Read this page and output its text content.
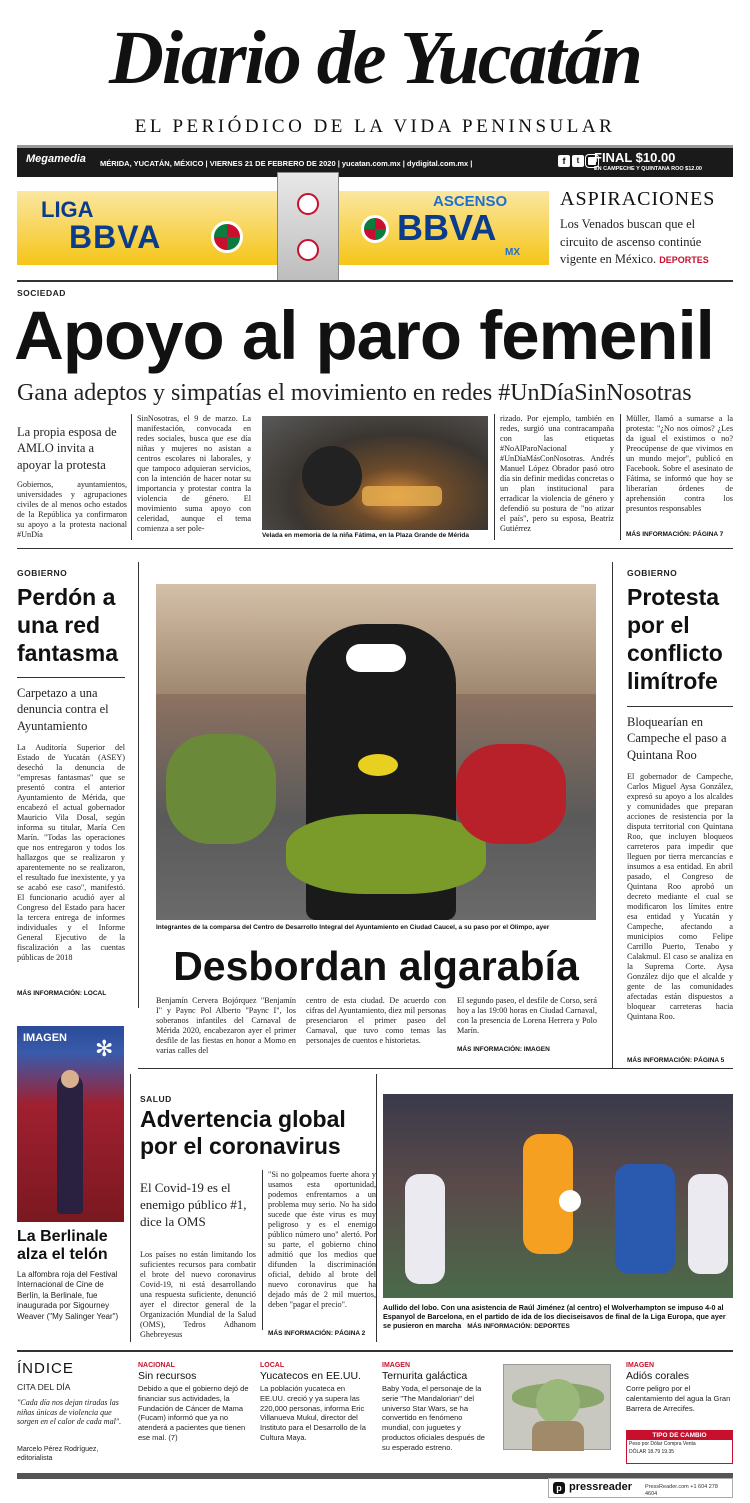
Diario de Yucatán
EL PERIÓDICO DE LA VIDA PENINSULAR
Megamedia MÉRIDA, YUCATÁN, MÉXICO | VIERNES 21 DE FEBRERO DE 2020 | yucatan.com.mx | dydigital.com.mx |	f	t	FINAL $10.00
EN CAMPECHE Y QUINTANA ROO $12.00
LIGA
BBVA
ASCENSO
BBVA
MX
ASPIRACIONES
Los Venados buscan que el circuito de ascenso continúe vigente en México. DEPORTES
SOCIEDAD
Apoyo al paro femenil
Gana adeptos y simpatías el movimiento en redes #UnDíaSinNosotras
La propia esposa de AMLO invita a apoyar la protesta
Gobiernos, ayuntamientos, universidades y agrupaciones civiles de al menos ocho estados de la República ya confirmaron su apoyo a la protesta nacional #UnDía
SinNosotras, el 9 de marzo. La manifestación, convocada en redes sociales, busca que ese día niñas y mujeres no asistan a centros escolares ni laborales, y que tampoco adquieran servicios, con la intención de hacer notar su importancia y protestar contra la violencia de género. El movimiento suma apoyo con celeridad, aunque el tema comienza a ser pole-
Velada en memoria de la niña Fátima, en la Plaza Grande de Mérida
rizado. Por ejemplo, también en redes, surgió una contracampaña con las etiquetas #NoAlParoNacional y #UnDíaMásConNosotras. Andrés Manuel López Obrador pasó otro día sin definir medidas concretas o un plan institucional para erradicar la violencia de género y defendió su postura de "no atizar el país", pero su esposa, Beatriz Gutiérrez
Müller, llamó a sumarse a la protesta: "¿No nos oímos? ¿Les da igual el existimos o no? Preocúpense de que vivimos en un mundo mejor", publicó en Facebook. Sobre el asesinato de Fátima, se informó que hoy se liberarían órdenes de aprehensión contra los presuntos responsables
MÁS INFORMACIÓN: PÁGINA 7
GOBIERNO
Perdón a una red fantasma
Carpetazo a una denuncia contra el Ayuntamiento
La Auditoría Superior del Estado de Yucatán (ASEY) desechó la denuncia de "empresas fantasmas" que se presentó contra el anterior Ayuntamiento de Mérida, que encabezó el actual gobernador Mauricio Vila Dosal, según informa su titular, María Cen Marín. "Todas las operaciones que nos entregaron y todos los hallazgos que se realizaron y aparentemente no se realizaron, el resultado fue inexistente, y ya se acabó ese caso", manifestó. El funcionario acudió ayer al Congreso del Estado para hacer la tercera entrega de informes individuales y el Informe General Ejecutivo de la fiscalización a las cuentas públicas de 2018
MÁS INFORMACIÓN: LOCAL
Integrantes de la comparsa del Centro de Desarrollo Integral del Ayuntamiento en Ciudad Caucel, a su paso por el Olimpo, ayer
Desbordan algarabía
Benjamín Cervera Bojórquez "Benjamín I" y Paync Pol Alberto "Paync I", los soberanos infantiles del Carnaval de Mérida 2020, encabezaron ayer el primer desfile de las fiestas en honor a Momo en varias calles del
centro de esta ciudad. De acuerdo con cifras del Ayuntamiento, diez mil personas presenciaron el primer paseo del Carnaval, que tuvo como temas las personajes de cuentos e historietas.
El segundo paseo, el desfile de Corso, será hoy a las 19:00 horas en Ciudad Carnaval, con la presencia de Lorena Herrera y Polo Marín.
MÁS INFORMACIÓN: IMAGEN
GOBIERNO
Protesta por el conflicto limítrofe
Bloquearían en Campeche el paso a Quintana Roo
El gobernador de Campeche, Carlos Miguel Aysa González, expresó su apoyo a los alcaldes y comunidades que preparan acciones de resistencia por la disputa territorial con Quintana Roo, que incluyen bloqueos carreteros para impedir que lleguen por tierra mercancías e insumos a esa entidad. En abril pasado, el Congreso de Quintana Roo aprobó un decreto mediante el cual se modificaron los límites entre esa entidad y Yucatán y Campeche, afectando a municipios como Felipe Carrillo Puerto, Tenabo y Calakmul. El caso se analiza en la Suprema Corte. Aysa González dijo que el alcalde y gente de las comunidades afectadas están dispuestos a bloquear carreteras hacia Quintana Roo.
MÁS INFORMACIÓN: PÁGINA 5
IMAGEN ✻
La Berlinale alza el telón
La alfombra roja del Festival Internacional de Cine de Berlín, la Berlinale, fue inaugurada por Sigourney Weaver ("My Salinger Year")
SALUD
Advertencia global por el coronavirus
El Covid-19 es el enemigo público #1, dice la OMS
Los países no están limitando los suficientes recursos para combatir el brote del nuevo coronavirus Covid-19, ni está desarrollando una respuesta suficiente, denunció ayer el director general de la Organización Mundial de la Salud (OMS), Tedros Adhanom Ghebreyesus
"Si no golpeamos fuerte ahora y usamos esta oportunidad, podemos enfrentarnos a un problema muy serio. No ha sido sucede que éste virus es muy peligroso y es el enemigo público número uno" alertó. Por su parte, el gobierno chino admitió que los medios que difunden la discriminación oficial, debido al brote del nuevo coronavirus que ha dejado más de 2 mil muertos, deben "pagar el precio".
MÁS INFORMACIÓN: PÁGINA 2
Aullido del lobo. Con una asistencia de Raúl Jiménez (al centro) el Wolverhampton se impuso 4-0 al Espanyol de Barcelona, en el partido de ida de los dieciseisavos de final de la Liga Europa, que ayer se pusieron en marcha MÁS INFORMACIÓN: DEPORTES
ÍNDICE
CITA DEL DÍA
"Cada día nos dejan tiradas las niñas únicas de violencia que sorgen en el calor de cada mal".
Marcelo Pérez Rodríguez, editorialista
NACIONAL
Sin recursos
Debido a que el gobierno dejó de financiar sus actividades, la Fundación de Cáncer de Mama (Fucam) informó que ya no atenderá a pacientes que tienen ese mal. (7)
LOCAL
Yucatecos en EE.UU.
La población yucateca en EE.UU. creció y ya supera las 220,000 personas, informa Eric Villanueva Mukul, director del Instituto para el Desarrollo de la Cultura Maya.
IMAGEN
Ternurita galáctica
Baby Yoda, el personaje de la serie "The Mandalorian" del universo Star Wars, se ha convertido en fenómeno mundial, con juguetes y productos oficiales después de su esperado estreno.
IMAGEN
Adiós corales
Corre peligro por el calentamiento del agua la Gran Barrera de Arrecifes.
TIPO DE CAMBIO
Peso por Dólar Compra Venta
DÓLAR 18.79 19.35
p pressreader PressReader.com +1 604 278 4604
